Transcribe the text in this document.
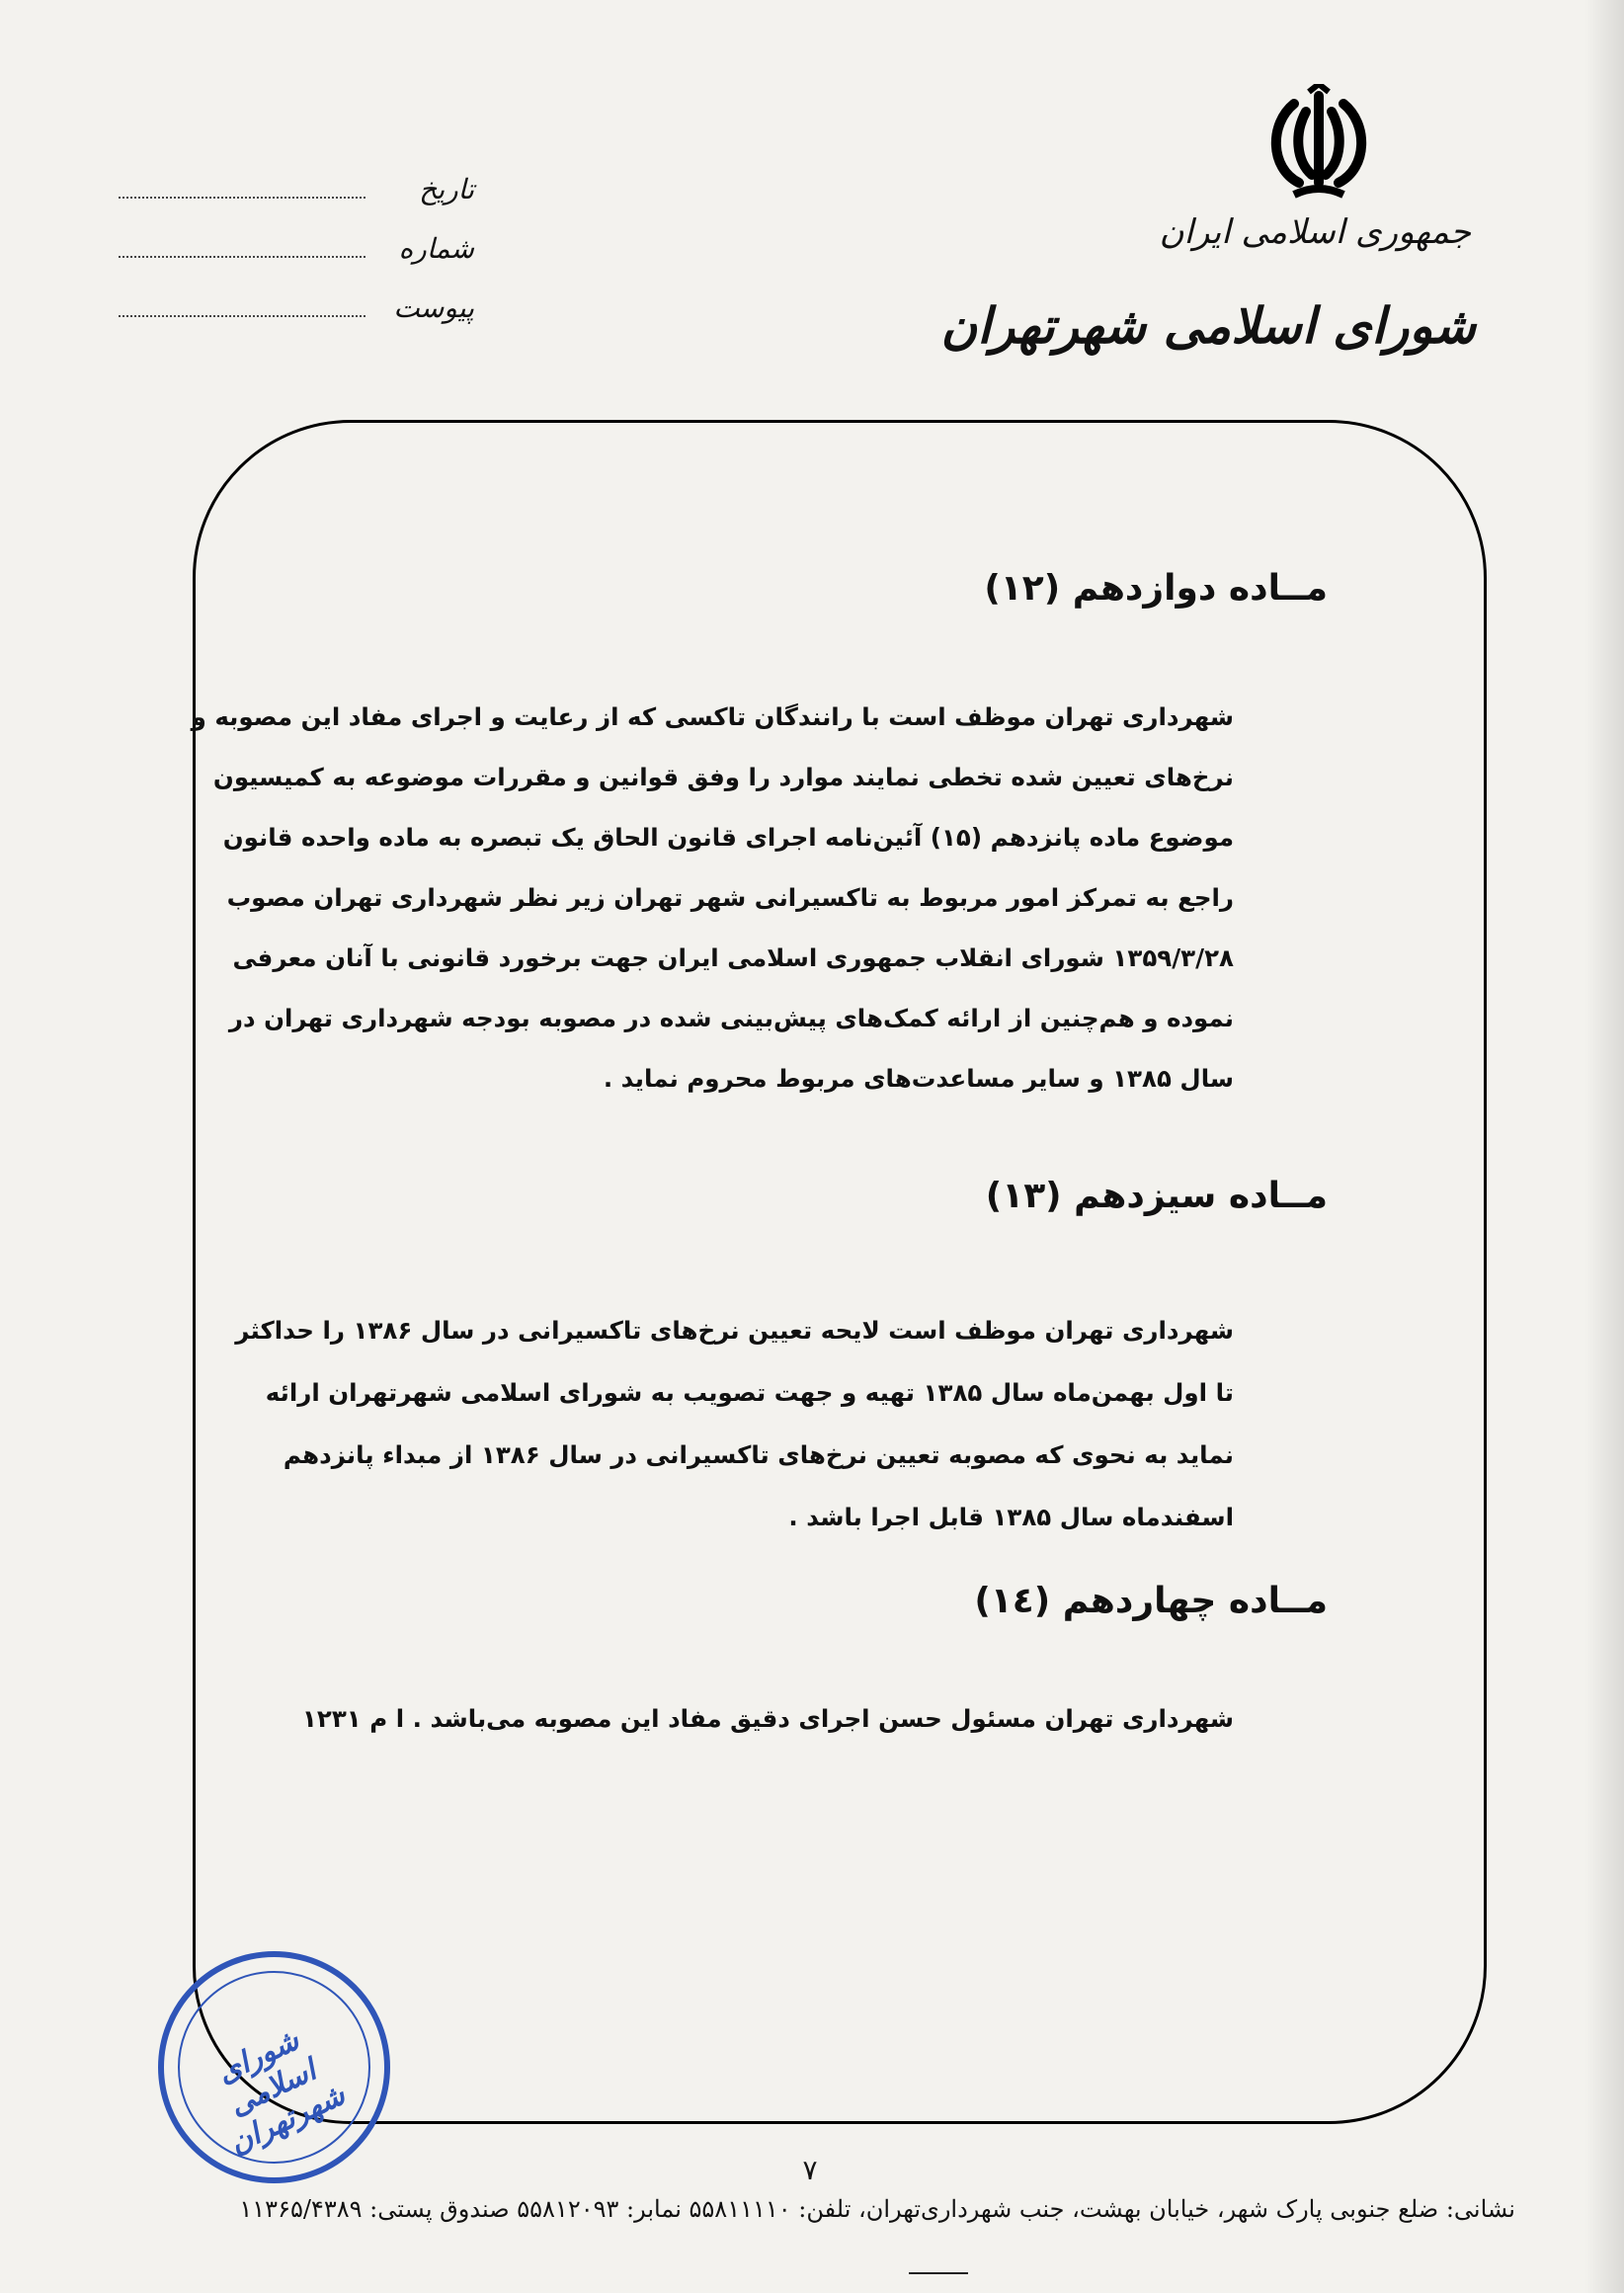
جمهوری اسلامی ایران
شورای اسلامی شهرتهران
تاریخ
شماره
پیوست
مــاده دوازدهم (۱۲)

شهرداری تهران موظف است با رانندگان تاکسی که از رعایت و اجرای مفاد این مصوبه و

نرخ‌های تعیین شده تخطی نمایند موارد را وفق قوانین و مقررات موضوعه به کمیسیون

موضوع ماده پانزدهم (۱۵) آئین‌نامه اجرای قانون الحاق یک تبصره به ماده واحده قانون

راجع به تمرکز امور مربوط به تاکسیرانی شهر تهران زیر نظر شهرداری تهران مصوب

۱۳۵۹/۳/۲۸ شورای انقلاب جمهوری اسلامی ایران جهت برخورد قانونی با آنان معرفی

نموده و هم‌چنین از ارائه کمک‌های پیش‌بینی شده در مصوبه بودجه شهرداری تهران در

سال ۱۳۸۵ و سایر مساعدت‌های مربوط محروم نماید .

مــاده سیزدهم (۱۳)

شهرداری تهران موظف است لایحه تعیین نرخ‌های تاکسیرانی در سال ۱۳۸۶ را حداکثر

تا اول بهمن‌ماه سال ۱۳۸۵ تهیه و جهت تصویب به شورای اسلامی شهرتهران ارائه

نماید به نحوی که مصوبه تعیین نرخ‌های تاکسیرانی در سال ۱۳۸۶ از مبداء پانزدهم

اسفندماه سال ۱۳۸۵ قابل اجرا باشد .

مــاده چهاردهم (۱٤)

شهرداری تهران مسئول حسن اجرای دقیق مفاد این مصوبه می‌باشد . ا م ۱۲۳۱

شورای اسلامی شهرتهران
۷
نشانی: ضلع جنوبی پارک شهر، خیابان بهشت، جنب شهرداری‌تهران، تلفن: ۵۵۸۱۱۱۱۰ نمابر: ۵۵۸۱۲۰۹۳ صندوق پستی: ۱۱۳۶۵/۴۳۸۹
